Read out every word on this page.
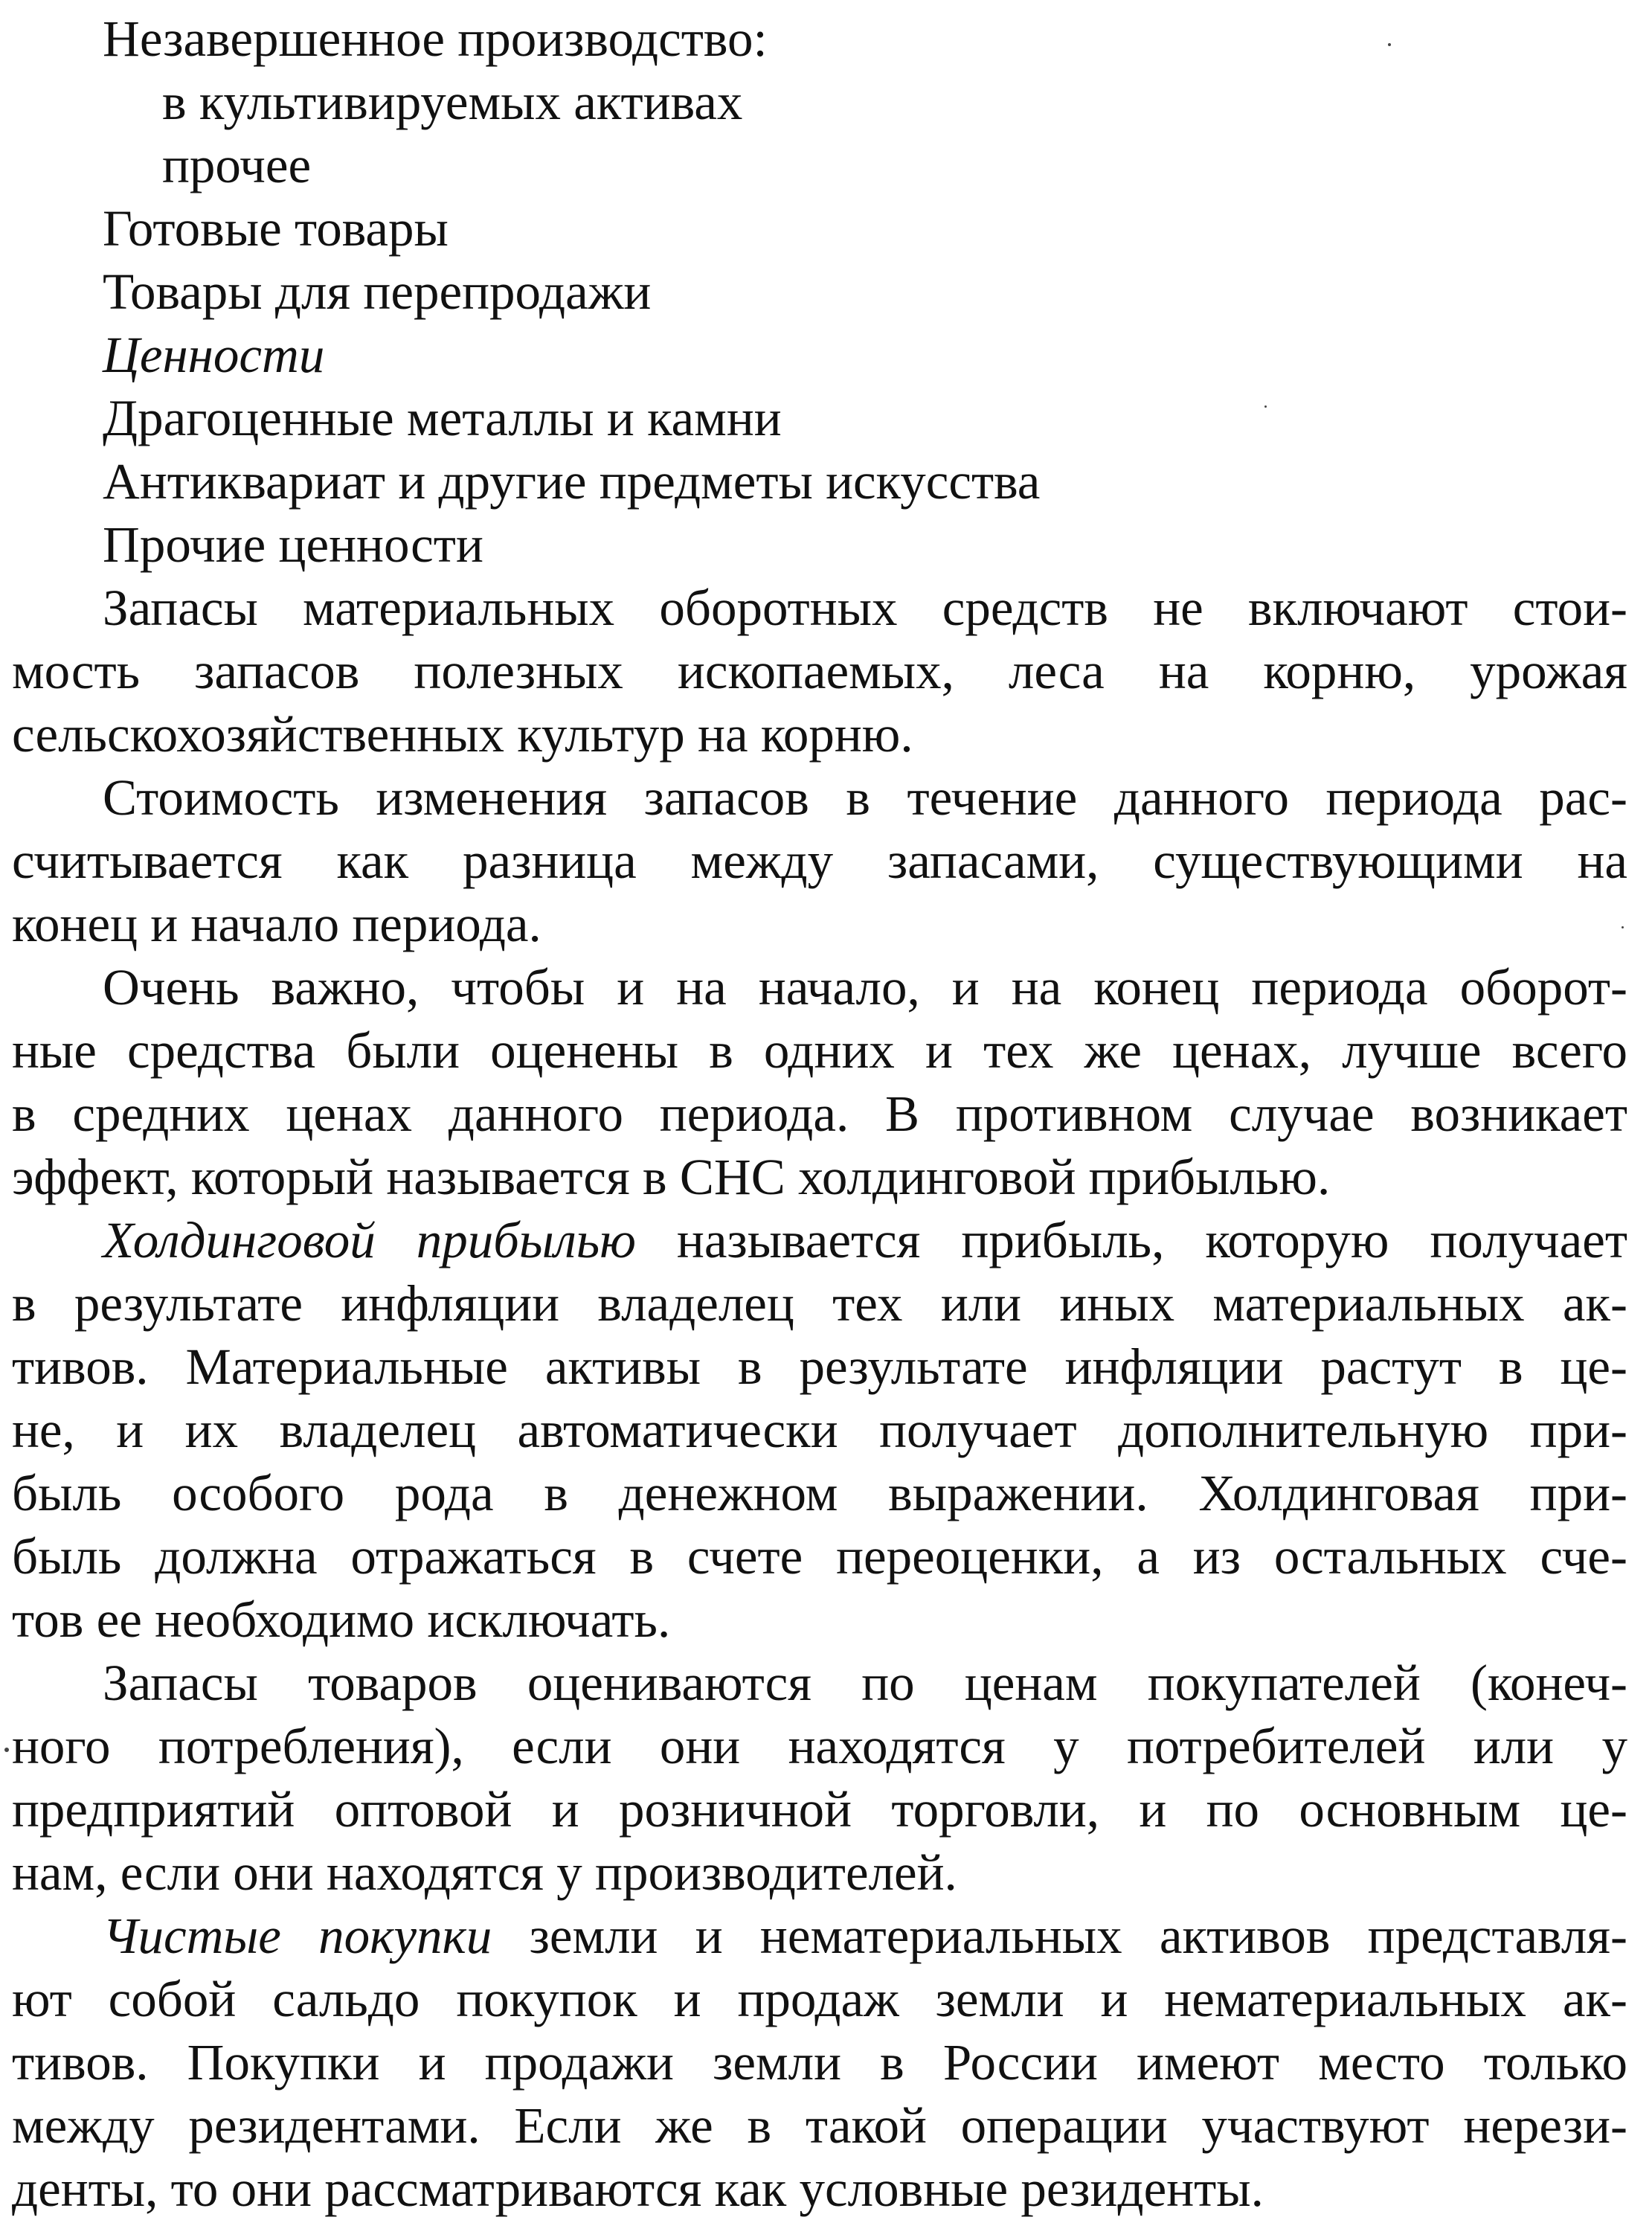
Незавершенное производство:

в культивируемых активах

прочее

Готовые товары

Товары для перепродажи

Ценности

Драгоценные металлы и камни

Антиквариат и другие предметы искусства

Прочие ценности

Запасы материальных оборотных средств не включают стои-

мость запасов полезных ископаемых, леса на корню, урожая

сельскохозяйственных культур на корню.

Стоимость изменения запасов в течение данного периода рас-

считывается как разница между запасами, существующими на

конец и начало периода.

Очень важно, чтобы и на начало, и на конец периода оборот-

ные средства были оценены в одних и тех же ценах, лучше всего

в средних ценах данного периода. В противном случае возникает

эффект, который называется в СНС холдинговой прибылью.

Холдинговой прибылью называется прибыль, которую получает

в результате инфляции владелец тех или иных материальных ак-

тивов. Материальные активы в результате инфляции растут в це-

не, и их владелец автоматически получает дополнительную при-

быль особого рода в денежном выражении. Холдинговая при-

быль должна отражаться в счете переоценки, а из остальных сче-

тов ее необходимо исключать.

Запасы товаров оцениваются по ценам покупателей (конеч-

ного потребления), если они находятся у потребителей или у

предприятий оптовой и розничной торговли, и по основным це-

нам, если они находятся у производителей.

Чистые покупки земли и нематериальных активов представля-

ют собой сальдо покупок и продаж земли и нематериальных ак-

тивов. Покупки и продажи земли в России имеют место только

между резидентами. Если же в такой операции участвуют нерези-

денты, то они рассматриваются как условные резиденты.
